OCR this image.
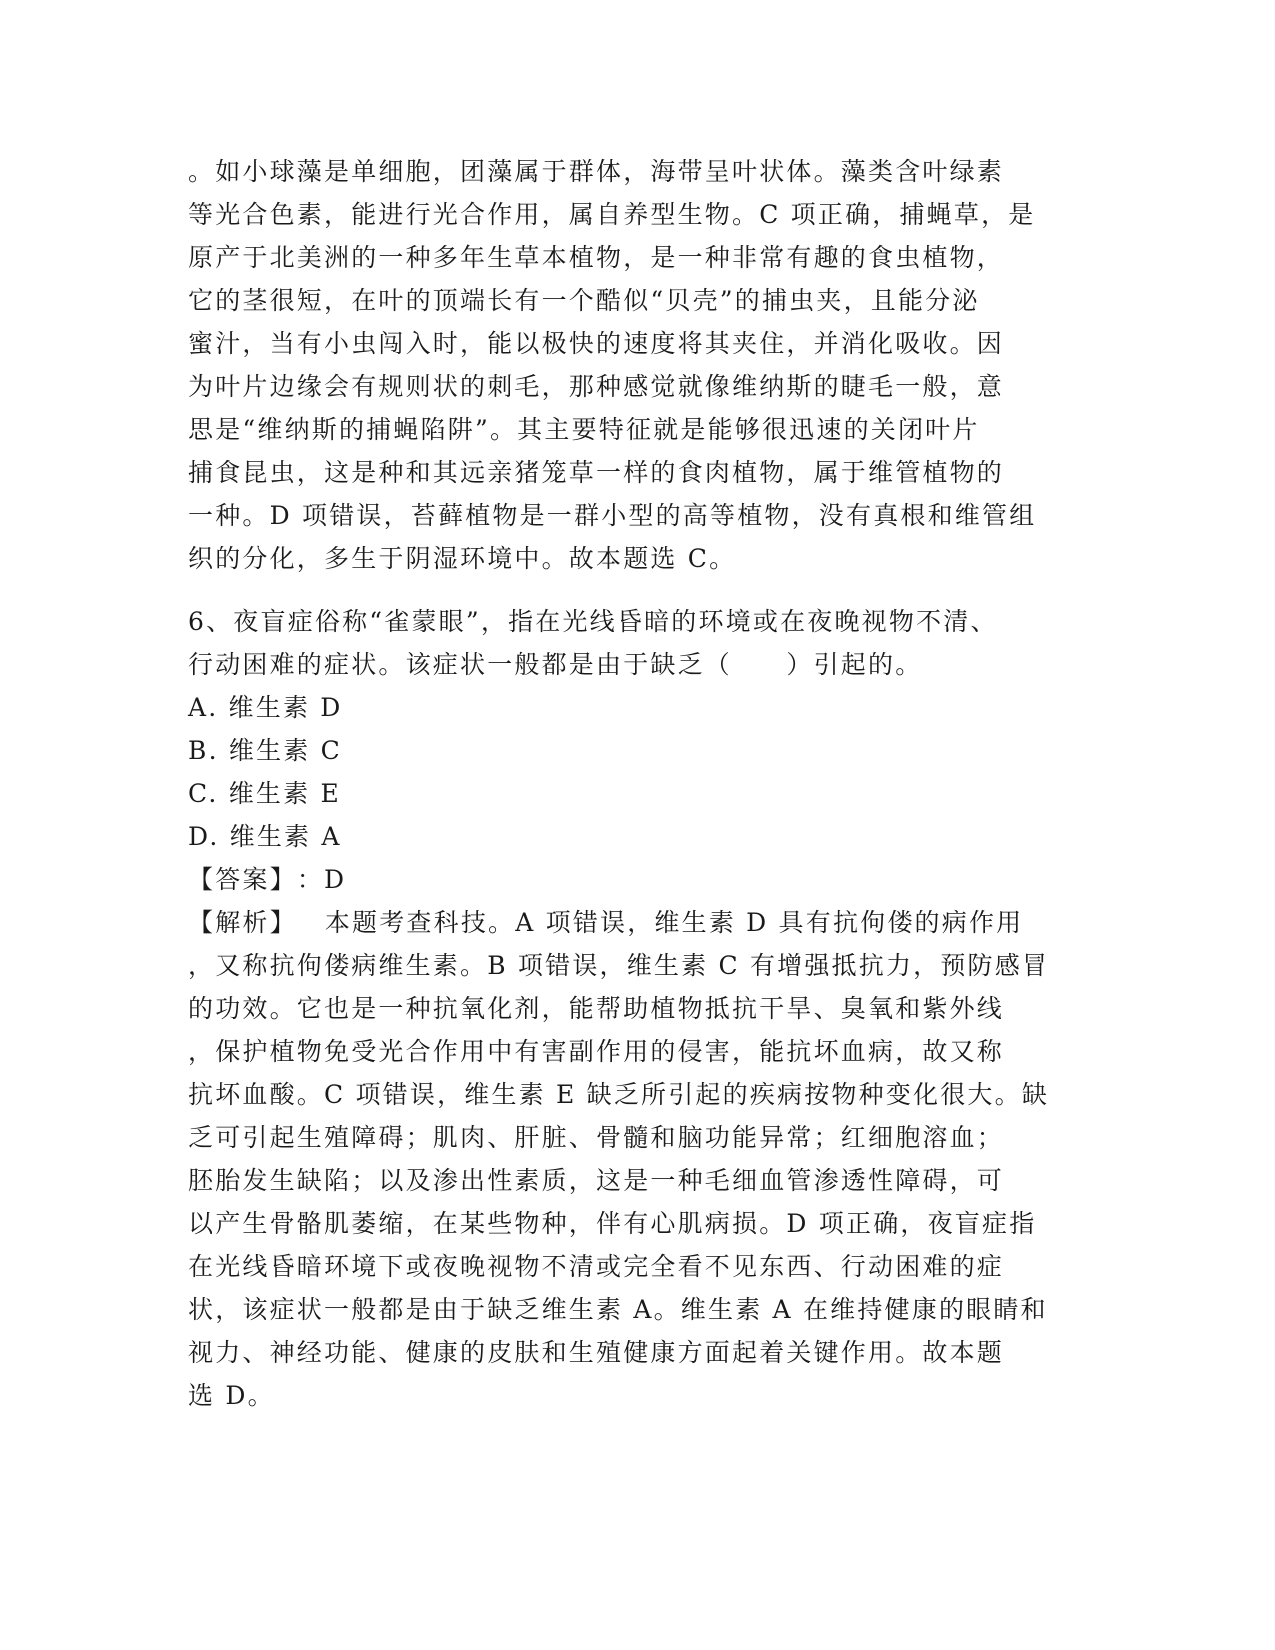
。如小球藻是单细胞，团藻属于群体，海带呈叶状体。藻类含叶绿素
等光合色素，能进行光合作用，属自养型生物。C 项正确，捕蝇草，是
原产于北美洲的一种多年生草本植物，是一种非常有趣的食虫植物，
它的茎很短，在叶的顶端长有一个酷似“贝壳”的捕虫夹，且能分泌
蜜汁，当有小虫闯入时，能以极快的速度将其夹住，并消化吸收。因
为叶片边缘会有规则状的刺毛，那种感觉就像维纳斯的睫毛一般，意
思是“维纳斯的捕蝇陷阱”。其主要特征就是能够很迅速的关闭叶片
捕食昆虫，这是种和其远亲猪笼草一样的食肉植物，属于维管植物的
一种。D 项错误，苔藓植物是一群小型的高等植物，没有真根和维管组
织的分化，多生于阴湿环境中。故本题选 C。
6、夜盲症俗称“雀蒙眼”，指在光线昏暗的环境或在夜晚视物不清、
行动困难的症状。该症状一般都是由于缺乏（　　）引起的。
A. 维生素 D
B. 维生素 C
C. 维生素 E
D. 维生素 A
【答案】：D
【解析】 本题考查科技。A 项错误，维生素 D 具有抗佝偻的病作用
，又称抗佝偻病维生素。B 项错误，维生素 C 有增强抵抗力，预防感冒
的功效。它也是一种抗氧化剂，能帮助植物抵抗干旱、臭氧和紫外线
，保护植物免受光合作用中有害副作用的侵害，能抗坏血病，故又称
抗坏血酸。C 项错误，维生素 E 缺乏所引起的疾病按物种变化很大。缺
乏可引起生殖障碍；肌肉、肝脏、骨髓和脑功能异常；红细胞溶血；
胚胎发生缺陷；以及渗出性素质，这是一种毛细血管渗透性障碍，可
以产生骨骼肌萎缩，在某些物种，伴有心肌病损。D 项正确，夜盲症指
在光线昏暗环境下或夜晚视物不清或完全看不见东西、行动困难的症
状，该症状一般都是由于缺乏维生素 A。维生素 A 在维持健康的眼睛和
视力、神经功能、健康的皮肤和生殖健康方面起着关键作用。故本题
选 D。
